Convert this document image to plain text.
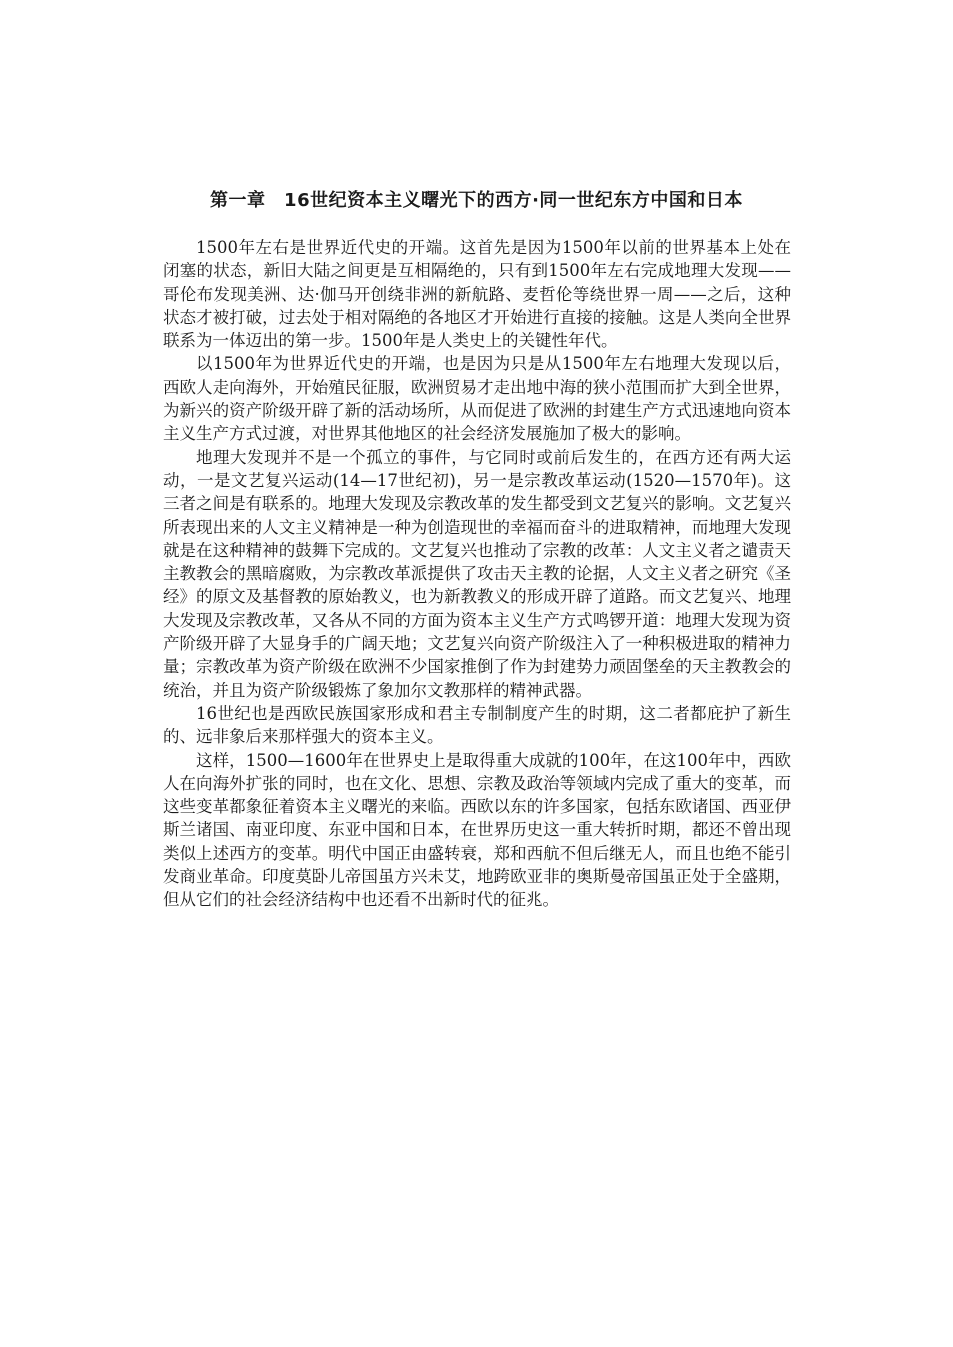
第一章　16世纪资本主义曙光下的西方·同一世纪东方中国和日本

1500年左右是世界近代史的开端。这首先是因为1500年以前的世界基本上处在闭塞的状态，新旧大陆之间更是互相隔绝的，只有到1500年左右完成地理大发现——哥伦布发现美洲、达·伽马开创绕非洲的新航路、麦哲伦等绕世界一周——之后，这种状态才被打破，过去处于相对隔绝的各地区才开始进行直接的接触。这是人类向全世界联系为一体迈出的第一步。1500年是人类史上的关键性年代。

以1500年为世界近代史的开端，也是因为只是从1500年左右地理大发现以后，西欧人走向海外，开始殖民征服，欧洲贸易才走出地中海的狭小范围而扩大到全世界，为新兴的资产阶级开辟了新的活动场所，从而促进了欧洲的封建生产方式迅速地向资本主义生产方式过渡，对世界其他地区的社会经济发展施加了极大的影响。

地理大发现并不是一个孤立的事件，与它同时或前后发生的，在西方还有两大运动，一是文艺复兴运动(14—17世纪初)，另一是宗教改革运动(1520—1570年)。这三者之间是有联系的。地理大发现及宗教改革的发生都受到文艺复兴的影响。文艺复兴所表现出来的人文主义精神是一种为创造现世的幸福而奋斗的进取精神，而地理大发现就是在这种精神的鼓舞下完成的。文艺复兴也推动了宗教的改革：人文主义者之谴责天主教教会的黑暗腐败，为宗教改革派提供了攻击天主教的论据，人文主义者之研究《圣经》的原文及基督教的原始教义，也为新教教义的形成开辟了道路。而文艺复兴、地理大发现及宗教改革，又各从不同的方面为资本主义生产方式鸣锣开道：地理大发现为资产阶级开辟了大显身手的广阔天地；文艺复兴向资产阶级注入了一种积极进取的精神力量；宗教改革为资产阶级在欧洲不少国家推倒了作为封建势力顽固堡垒的天主教教会的统治，并且为资产阶级锻炼了象加尔文教那样的精神武器。

16世纪也是西欧民族国家形成和君主专制制度产生的时期，这二者都庇护了新生的、远非象后来那样强大的资本主义。

这样，1500—1600年在世界史上是取得重大成就的100年，在这100年中，西欧人在向海外扩张的同时，也在文化、思想、宗教及政治等领域内完成了重大的变革，而这些变革都象征着资本主义曙光的来临。西欧以东的许多国家，包括东欧诸国、西亚伊斯兰诸国、南亚印度、东亚中国和日本，在世界历史这一重大转折时期，都还不曾出现类似上述西方的变革。明代中国正由盛转衰，郑和西航不但后继无人，而且也绝不能引发商业革命。印度莫卧儿帝国虽方兴未艾，地跨欧亚非的奥斯曼帝国虽正处于全盛期，但从它们的社会经济结构中也还看不出新时代的征兆。
